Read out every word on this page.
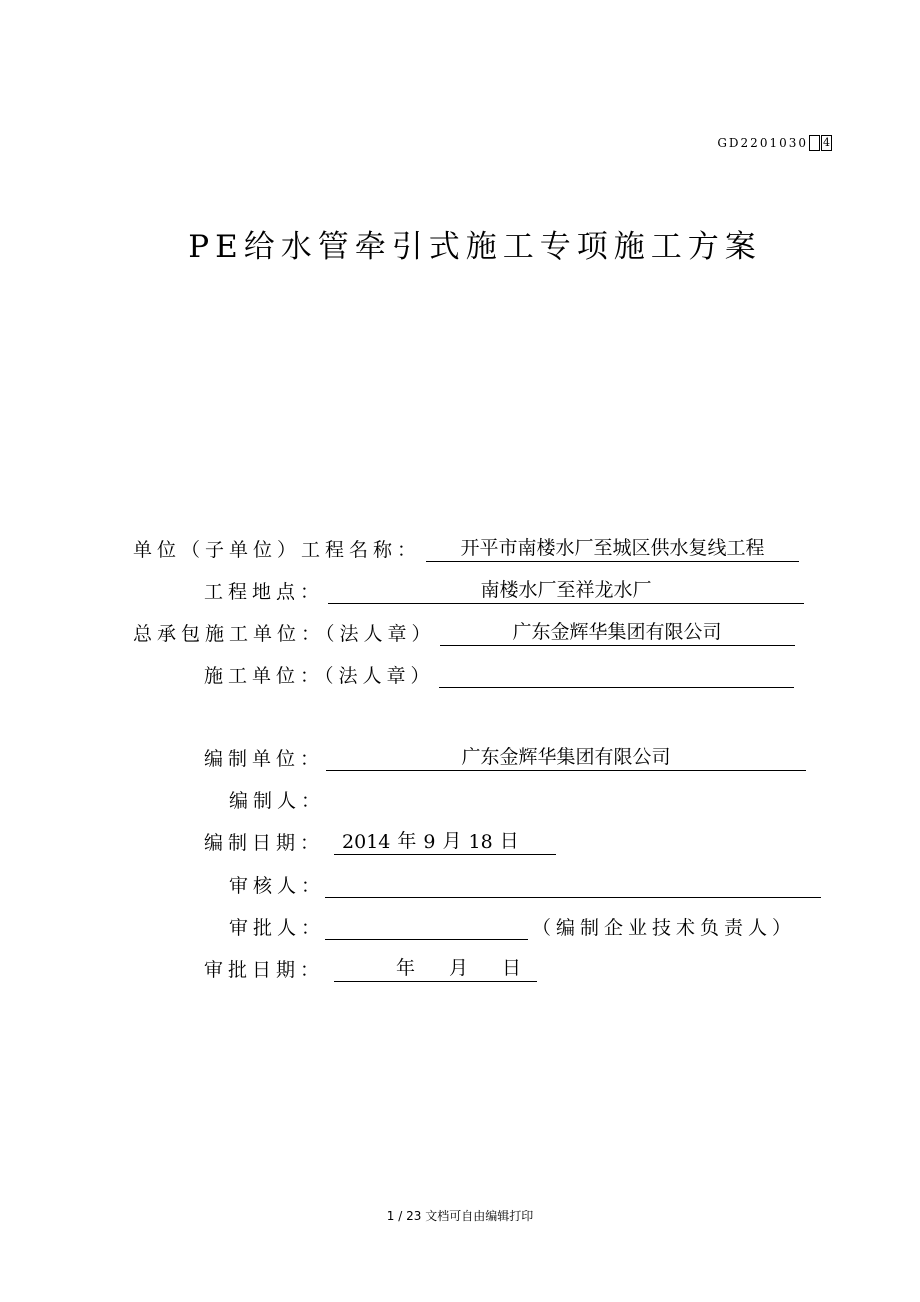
GD2201030 4
PE给水管牵引式施工专项施工方案
单位（子单位）工程名称：	开平市南楼水厂至城区供水复线工程
工程地点：	南楼水厂至祥龙水厂
总承包施工单位：（法人章）	广东金辉华集团有限公司
施工单位：（法人章）
编制单位：	广东金辉华集团有限公司
编制人：
编制日期： 2014 年 9 月 18 日
审核人：
审批人：	（编制企业技术负责人）
审批日期：	年 月 日
1 / 23 文档可自由编辑打印
